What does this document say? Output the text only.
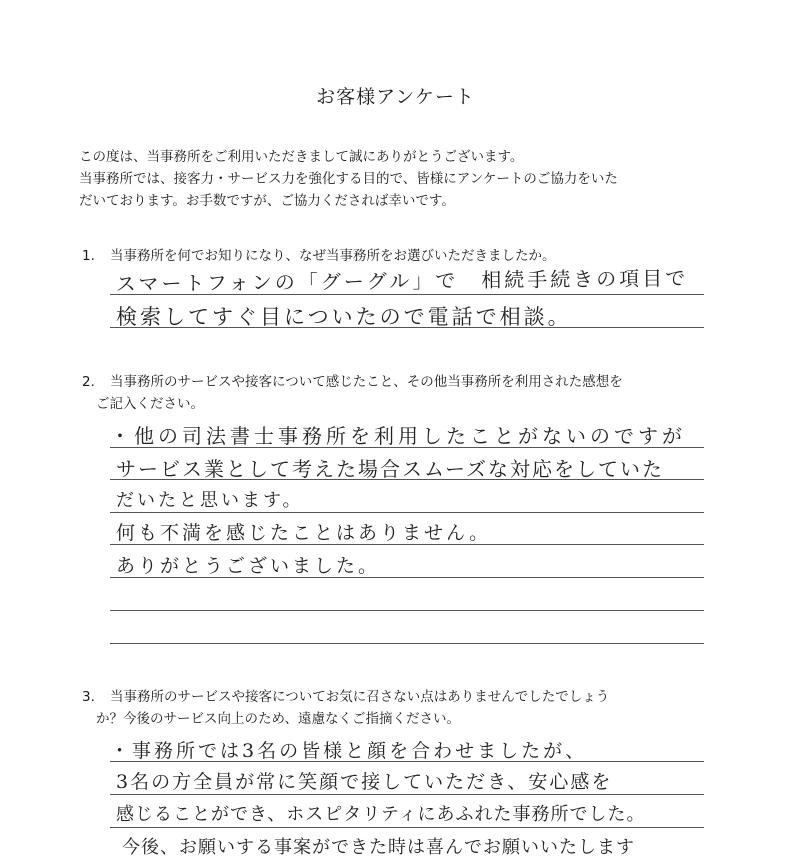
お客様アンケート

この度は、当事務所をご利用いただきまして誠にありがとうございます。

当事務所では、接客力・サービス力を強化する目的で、皆様にアンケートのご協力をいた

だいております。お手数ですが、ご協力くだされば幸いです。

1. 当事務所を何でお知りになり、なぜ当事務所をお選びいただきましたか。
スマートフォンの「グーグル」で　相続手続きの項目で
検索してすぐ目についたので電話で相談。
2. 当事務所のサービスや接客について感じたこと、その他当事務所を利用された感想を
ご記入ください。
・他の司法書士事務所を利用したことがないのですが
サービス業として考えた場合スムーズな対応をしていた
だいたと思います。
何も不満を感じたことはありません。
ありがとうございました。
3. 当事務所のサービスや接客についてお気に召さない点はありませんでしたでしょう
か？今後のサービス向上のため、遠慮なくご指摘ください。
・事務所では3名の皆様と顔を合わせましたが、
3名の方全員が常に笑顔で接していただき、安心感を
感じることができ、ホスピタリティにあふれた事務所でした。
今後、お願いする事案ができた時は喜んでお願いいたします
